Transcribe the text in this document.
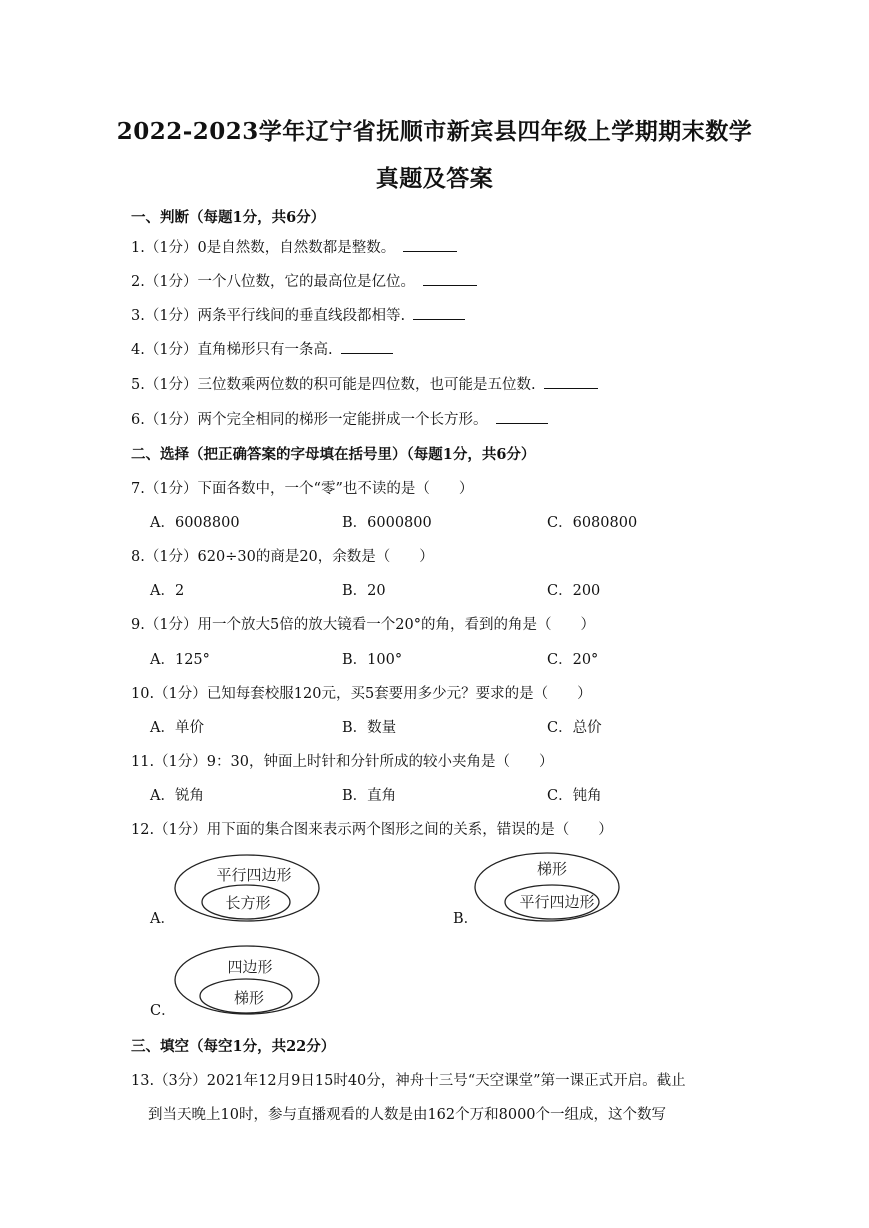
2022-2023学年辽宁省抚顺市新宾县四年级上学期期末数学
真题及答案
一、判断（每题1分，共6分）
1.（1分）0是自然数，自然数都是整数。
2.（1分）一个八位数，它的最高位是亿位。
3.（1分）两条平行线间的垂直线段都相等.
4.（1分）直角梯形只有一条高.
5.（1分）三位数乘两位数的积可能是四位数，也可能是五位数.
6.（1分）两个完全相同的梯形一定能拼成一个长方形。
二、选择（把正确答案的字母填在括号里）（每题1分，共6分）
7.（1分）下面各数中，一个“零”也不读的是（　　）
A．6008800	B．6000800	C．6080800
8.（1分）620÷30的商是20，余数是（　　）
A．2	B．20	C．200
9.（1分）用一个放大5倍的放大镜看一个20°的角，看到的角是（　　）
A．125°	B．100°	C．20°
10.（1分）已知每套校服120元，买5套要用多少元？要求的是（　　）
A．单价	B．数量	C．总价
11.（1分）9：30，钟面上时针和分针所成的较小夹角是（　　）
A．锐角	B．直角	C．钝角
12.（1分）用下面的集合图来表示两个图形之间的关系，错误的是（　　）
A．
平行四边形
长方形
B．
梯形
平行四边形
C．
四边形
梯形
三、填空（每空1分，共22分）
13.（3分）2021年12月9日15时40分，神舟十三号“天空课堂”第一课正式开启。截止
到当天晚上10时，参与直播观看的人数是由162个万和8000个一组成，这个数写
